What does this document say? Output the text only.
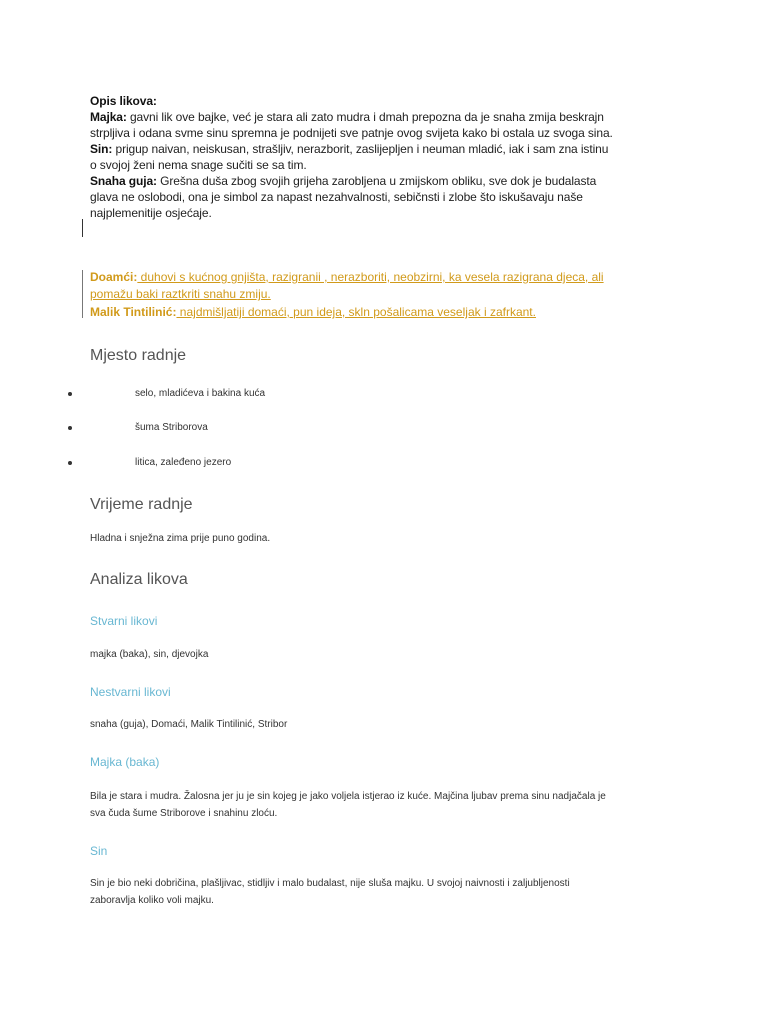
Opis likova:
Majka: gavni lik ove bajke, već je stara ali zato mudra i dmah prepozna da je snaha zmija beskrajn
strpljiva i odana svme sinu spremna je podnijeti sve patnje ovog svijeta kako bi ostala uz svoga sina.
Sin: prigup naivan, neiskusan, strašljiv, nerazborit, zaslijepljen i neuman mladić, iak i sam zna istinu
o svojoj ženi nema snage sučiti se sa tim.
Snaha guja: Grešna duša zbog svojih grijeha zarobljena u zmijskom obliku, sve dok je budalasta
glava ne oslobodi, ona je simbol za napast nezahvalnosti, sebičnsti i zlobe što iskušavaju naše
najplemenitije osjećaje.
Doamći: duhovi s kućnog gnjišta, razigranii , nerazboriti, neobzirni, ka vesela razigrana djeca, ali
pomažu baki raztkriti snahu zmiju.
Malik Tintilinić: najdmišljatiji domaći, pun ideja, skln pošalicama veseljak i zafrkant.
Mjesto radnje
selo, mladićeva i bakina kuća
šuma Striborova
litica, zaleđeno jezero
Vrijeme radnje
Hladna i snježna zima prije puno godina.
Analiza likova
Stvarni likovi
majka (baka), sin, djevojka
Nestvarni likovi
snaha (guja), Domaći, Malik Tintilinić, Stribor
Majka (baka)
Bila je stara i mudra. Žalosna jer ju je sin kojeg je jako voljela istjerao iz kuće. Majčina ljubav prema sinu nadjačala je
sva čuda šume Striborove i snahinu zloću.
Sin
Sin je bio neki dobričina, plašljivac, stidljiv i malo budalast, nije sluša majku. U svojoj naivnosti i zaljubljenosti
zaboravlja koliko voli majku.
